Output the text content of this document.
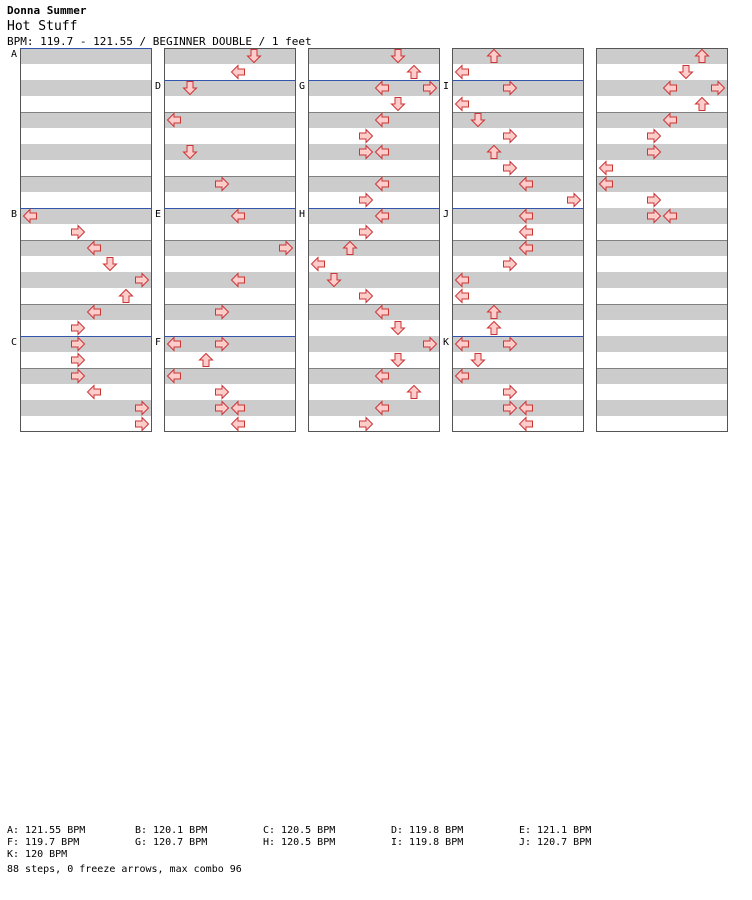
Donna Summer
Hot Stuff
BPM: 119.7 - 121.55 / BEGINNER DOUBLE / 1 feet
A
B
C
D
E
F
G
H
I
J
K
A: 121.55 BPM	B: 120.1 BPM	C: 120.5 BPM	D: 119.8 BPM	E: 121.1 BPM
F: 119.7 BPM	G: 120.7 BPM	H: 120.5 BPM	I: 119.8 BPM	J: 120.7 BPM
K: 120 BPM
88 steps, 0 freeze arrows, max combo 96
